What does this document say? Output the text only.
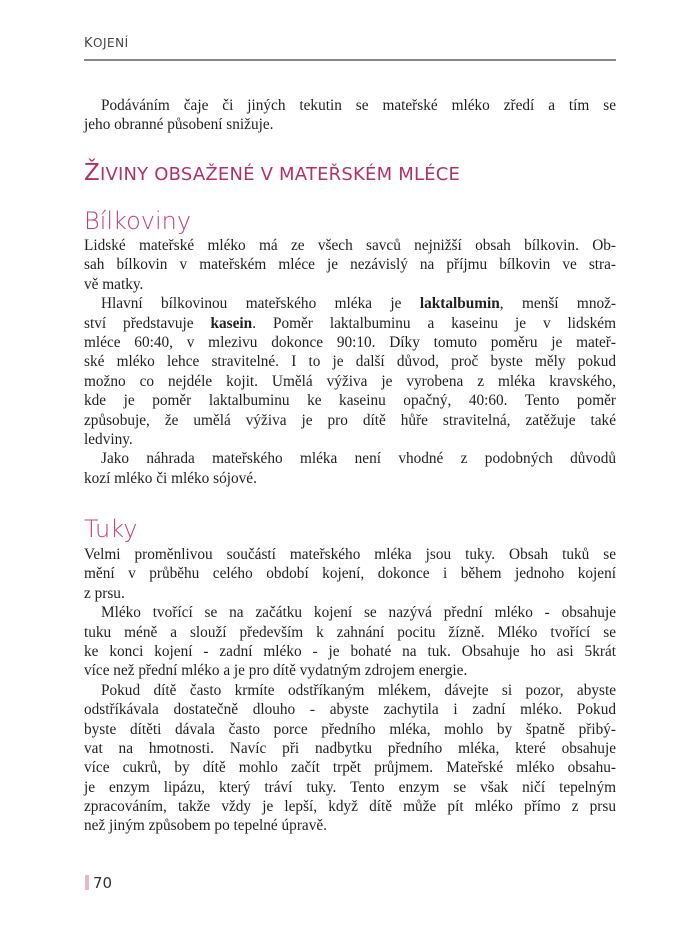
KOJENÍ
Podáváním čaje či jiných tekutin se mateřské mléko zředí a tím se
jeho obranné působení snižuje.
ŽIVINY OBSAŽENÉ V MATEŘSKÉM MLÉCE
Bílkoviny
Lidské mateřské mléko má ze všech savců nejnižší obsah bílkovin. Ob-
sah bílkovin v mateřském mléce je nezávislý na příjmu bílkovin ve stra-
vě matky.
Hlavní bílkovinou mateřského mléka je laktalbumin, menší množ-
ství představuje kasein. Poměr laktalbuminu a kaseinu je v lidském
mléce 60:40, v mlezivu dokonce 90:10. Díky tomuto poměru je mateř-
ské mléko lehce stravitelné. I to je další důvod, proč byste měly pokud
možno co nejdéle kojit. Umělá výživa je vyrobena z mléka kravského,
kde je poměr laktalbuminu ke kaseinu opačný, 40:60. Tento poměr
způsobuje, že umělá výživa je pro dítě hůře stravitelná, zatěžuje také
ledviny.
Jako náhrada mateřského mléka není vhodné z podobných důvodů
kozí mléko či mléko sójové.
Tuky
Velmi proměnlivou součástí mateřského mléka jsou tuky. Obsah tuků se
mění v průběhu celého období kojení, dokonce i během jednoho kojení
z prsu.
Mléko tvořící se na začátku kojení se nazývá přední mléko - obsahuje
tuku méně a slouží především k zahnání pocitu žízně. Mléko tvořící se
ke konci kojení - zadní mléko - je bohaté na tuk. Obsahuje ho asi 5krát
více než přední mléko a je pro dítě vydatným zdrojem energie.
Pokud dítě často krmíte odstříkaným mlékem, dávejte si pozor, abyste
odstříkávala dostatečně dlouho - abyste zachytila i zadní mléko. Pokud
byste dítěti dávala často porce předního mléka, mohlo by špatně přibý-
vat na hmotnosti. Navíc při nadbytku předního mléka, které obsahuje
více cukrů, by dítě mohlo začít trpět průjmem. Mateřské mléko obsahu-
je enzym lipázu, který tráví tuky. Tento enzym se však ničí tepelným
zpracováním, takže vždy je lepší, když dítě může pít mléko přímo z prsu
než jiným způsobem po tepelné úpravě.
70
